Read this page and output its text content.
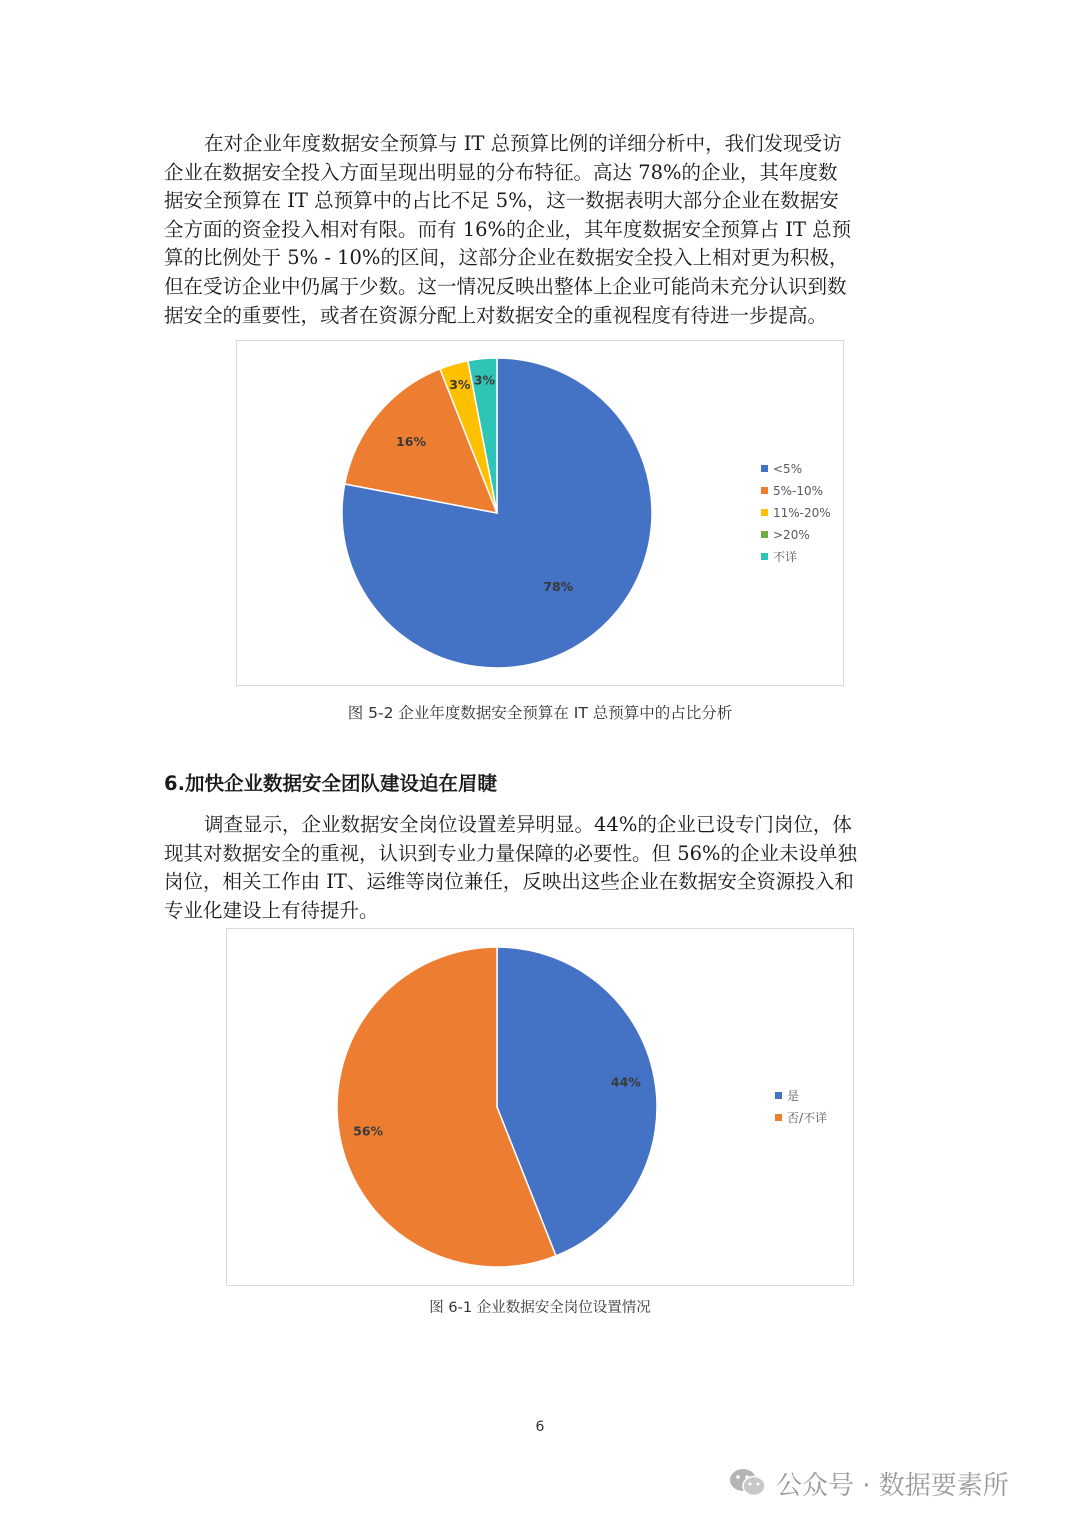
在对企业年度数据安全预算与 IT 总预算比例的详细分析中，我们发现受访
企业在数据安全投入方面呈现出明显的分布特征。高达 78%的企业，其年度数
据安全预算在 IT 总预算中的占比不足 5%，这一数据表明大部分企业在数据安
全方面的资金投入相对有限。而有 16%的企业，其年度数据安全预算占 IT 总预
算的比例处于 5% - 10%的区间，这部分企业在数据安全投入上相对更为积极，
但在受访企业中仍属于少数。这一情况反映出整体上企业可能尚未充分认识到数
据安全的重要性，或者在资源分配上对数据安全的重视程度有待进一步提高。
78%
16%
3% 3%
<5%
5%-10%
11%-20%
>20%
不详
图 5-2 企业年度数据安全预算在 IT 总预算中的占比分析
6.加快企业数据安全团队建设迫在眉睫
调查显示，企业数据安全岗位设置差异明显。44%的企业已设专门岗位，体
现其对数据安全的重视，认识到专业力量保障的必要性。但 56%的企业未设单独
岗位，相关工作由 IT、运维等岗位兼任，反映出这些企业在数据安全资源投入和
专业化建设上有待提升。
44%
56%
是
否/不详
图 6-1 企业数据安全岗位设置情况
6
公众号 · 数据要素所
